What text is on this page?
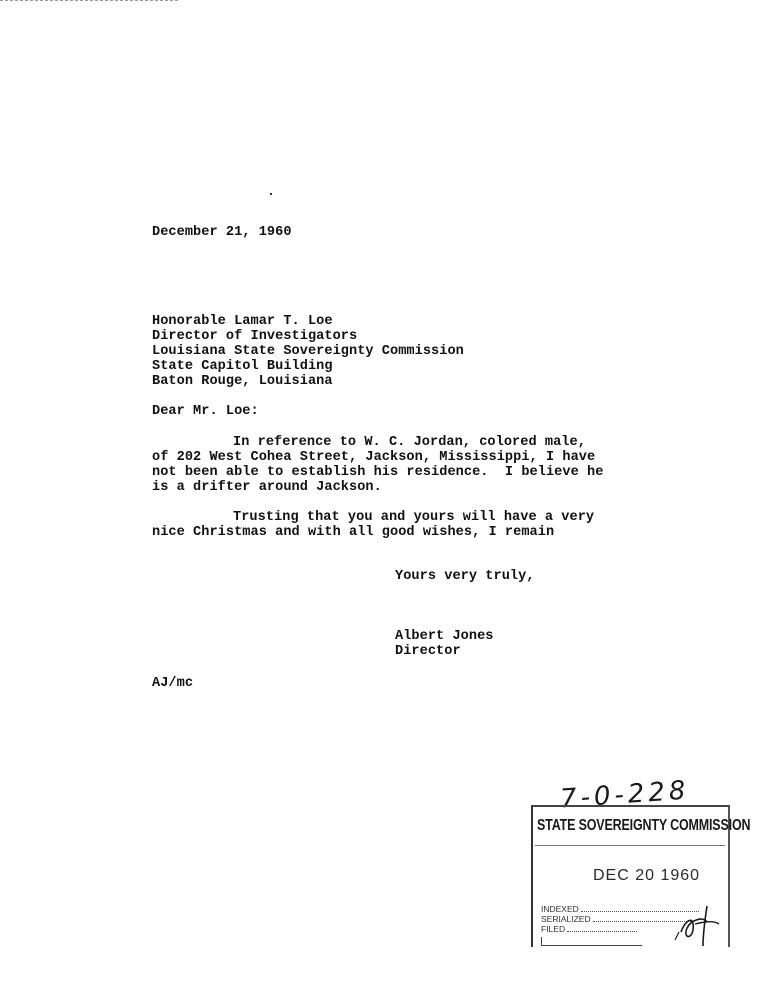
December 21, 1960
Honorable Lamar T. Loe
Director of Investigators
Louisiana State Sovereignty Commission
State Capitol Building
Baton Rouge, Louisiana
Dear Mr. Loe:
In reference to W. C. Jordan, colored male,
of 202 West Cohea Street, Jackson, Mississippi, I have
not been able to establish his residence.  I believe he
is a drifter around Jackson.
Trusting that you and yours will have a very
nice Christmas and with all good wishes, I remain
Yours very truly,
Albert Jones
Director
AJ/mc
7-0-228
STATE SOVEREIGNTY COMMISSION
DEC 20 1960
INDEXED
SERIALIZED
FILED
